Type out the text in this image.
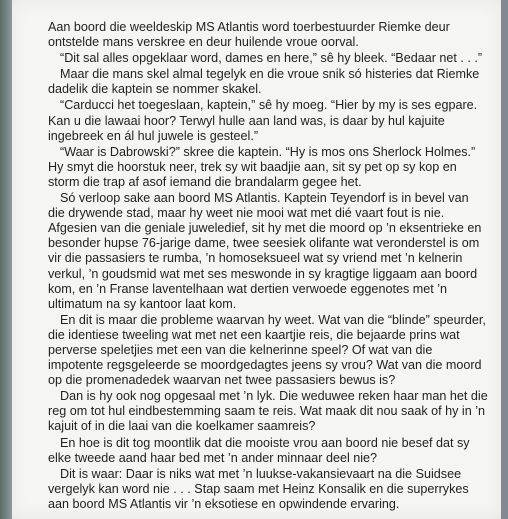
Aan boord die weeldeskip MS Atlantis word toerbestuurder Riemke deur ontstelde mans verskree en deur huilende vroue oorval.

“Dit sal alles opgeklaar word, dames en here,” sê hy bleek. “Bedaar net . . .”

Maar die mans skel almal tegelyk en die vroue snik só histeries dat Riemke dadelik die kaptein se nommer skakel.

“Carducci het toegeslaan, kaptein,” sê hy moeg. “Hier by my is ses egpare. Kan u die lawaai hoor? Terwyl hulle aan land was, is daar by hul kajuite ingebreek en ál hul juwele is gesteel.”

“Waar is Dabrowski?” skree die kaptein. “Hy is mos ons Sherlock Holmes.” Hy smyt die hoorstuk neer, trek sy wit baadjie aan, sit sy pet op sy kop en storm die trap af asof iemand die brandalarm gegee het.

Só verloop sake aan boord MS Atlantis. Kaptein Teyendorf is in bevel van die drywende stad, maar hy weet nie mooi wat met dié vaart fout is nie. Afgesien van die geniale juweledief, sit hy met die moord op ’n eksentrieke en besonder hupse 76-jarige dame, twee seesiek olifante wat veronderstel is om vir die passasiers te rumba, ’n homoseksueel wat sy vriend met ’n kelnerin verkul, ’n goudsmid wat met ses meswonde in sy kragtige liggaam aan boord kom, en ’n Franse laventelhaan wat dertien verwoede eggenotes met ’n ultimatum na sy kantoor laat kom.

En dit is maar die probleme waarvan hy weet. Wat van die “blinde” speurder, die identiese tweeling wat met net een kaartjie reis, die bejaarde prins wat perverse speletjies met een van die kelnerinne speel? Of wat van die impotente regsgeleerde se moordgedagtes jeens sy vrou? Wat van die moord op die promenadedek waarvan net twee passasiers bewus is?

Dan is hy ook nog opgesaal met ’n lyk. Die weduwee reken haar man het die reg om tot hul eindbestemming saam te reis. Wat maak dit nou saak of hy in ’n kajuit of in die laai van die koelkamer saamreis?

En hoe is dit tog moontlik dat die mooiste vrou aan boord nie besef dat sy elke tweede aand haar bed met ’n ander minnaar deel nie?

Dit is waar: Daar is niks wat met ’n luukse-vakansievaart na die Suidsee vergelyk kan word nie . . . Stap saam met Heinz Konsalik en die superrykes aan boord MS Atlantis vir ’n eksotiese en opwindende ervaring.
